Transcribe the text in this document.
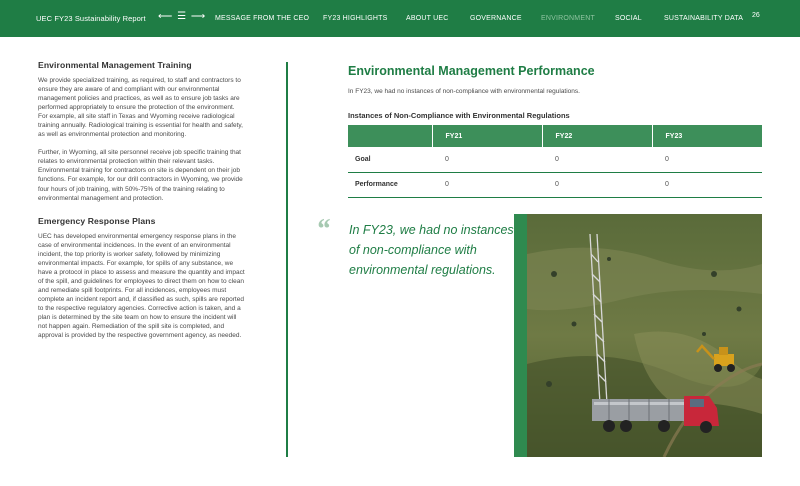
UEC FY23 Sustainability Report ⟵ ☰ ⟶ MESSAGE FROM THE CEO FY23 HIGHLIGHTS	ABOUT UEC	GOVERNANCE	ENVIRONMENT	SOCIAL	SUSTAINABILITY DATA 26
Environmental Management Training

We provide specialized training, as required, to staff and contractors to ensure they are aware of and compliant with our environmental management policies and practices, as well as to ensure job tasks are performed appropriately to ensure the protection of the environment. For example, all site staff in Texas and Wyoming receive radiological training annually. Radiological training is essential for health and safety, as well as environmental protection and monitoring.

Further, in Wyoming, all site personnel receive job specific training that relates to environmental protection within their relevant tasks. Environmental training for contractors on site is dependent on their job functions. For example, for our drill contractors in Wyoming, we provide four hours of job training, with 50%-75% of the training relating to environmental management and protection.

Emergency Response Plans

UEC has developed environmental emergency response plans in the case of environmental incidences. In the event of an environmental incident, the top priority is worker safety, followed by minimizing environmental impacts. For example, for spills of any substance, we have a protocol in place to assess and measure the quantity and impact of the spill, and guidelines for employees to direct them on how to clean and remediate spill footprints. For all incidences, employees must complete an incident report and, if classified as such, spills are reported to the respective regulatory agencies. Corrective action is taken, and a plan is determined by the site team on how to ensure the incident will not happen again. Remediation of the spill site is completed, and approval is provided by the respective government agency, as needed.

Environmental Management Performance
In FY23, we had no instances of non-compliance with environmental regulations.
Instances of Non-Compliance with Environmental Regulations
	FY21	FY22	FY23
Goal	0	0	0
Performance	0	0	0
“ In FY23, we had no instances of non-compliance with environmental regulations.
